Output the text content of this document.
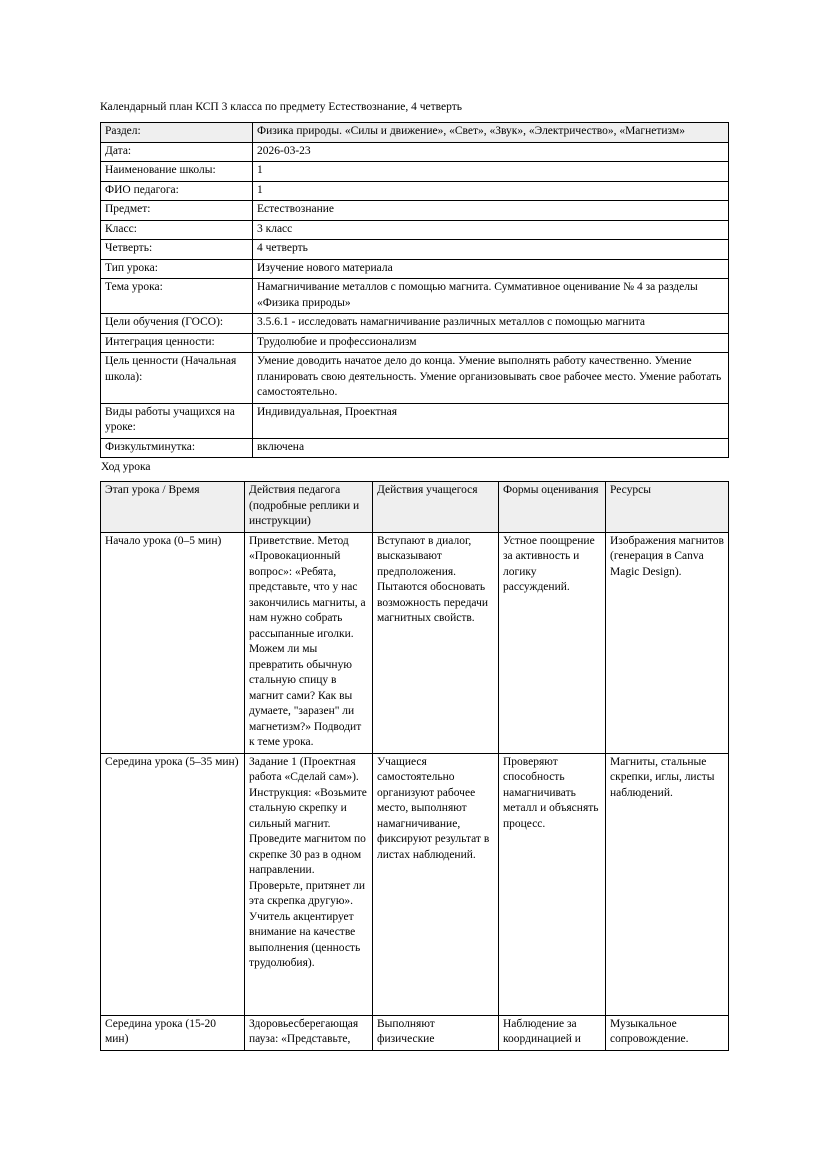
Календарный план КСП 3 класса по предмету Естествознание, 4 четверть
Раздел:	Физика природы. «Силы и движение», «Свет», «Звук», «Электричество», «Магнетизм»
Дата:	2026-03-23
Наименование школы:	1
ФИО педагога:	1
Предмет:	Естествознание
Класс:	3 класс
Четверть:	4 четверть
Тип урока:	Изучение нового материала
Тема урока:	Намагничивание металлов с помощью магнита. Суммативное оценивание № 4 за разделы «Физика природы»
Цели обучения (ГОСО):	3.5.6.1 - исследовать намагничивание различных металлов с помощью магнита
Интеграция ценности:	Трудолюбие и профессионализм
Цель ценности (Начальная школа):	Умение доводить начатое дело до конца. Умение выполнять работу качественно. Умение планировать свою деятельность. Умение организовывать свое рабочее место. Умение работать самостоятельно.
Виды работы учащихся на уроке:	Индивидуальная, Проектная
Физкультминутка:	включена
Ход урока
Этап урока / Время	Действия педагога (подробные реплики и инструкции)	Действия учащегося	Формы оценивания	Ресурсы
Начало урока (0–5 мин)	Приветствие. Метод «Провокационный вопрос»: «Ребята, представьте, что у нас закончились магниты, а нам нужно собрать рассыпанные иголки. Можем ли мы превратить обычную стальную спицу в магнит сами? Как вы думаете, "заразен" ли магнетизм?» Подводит к теме урока.	Вступают в диалог, высказывают предположения. Пытаются обосновать возможность передачи магнитных свойств.	Устное поощрение за активность и логику рассуждений.	Изображения магнитов (генерация в Canva Magic Design).
Середина урока (5–35 мин)	Задание 1 (Проектная работа «Сделай сам»). Инструкция: «Возьмите стальную скрепку и сильный магнит. Проведите магнитом по скрепке 30 раз в одном направлении. Проверьте, притянет ли эта скрепка другую». Учитель акцентирует внимание на качестве выполнения (ценность трудолюбия).	Учащиеся самостоятельно организуют рабочее место, выполняют намагничивание, фиксируют результат в листах наблюдений.	Проверяют способность намагничивать металл и объяснять процесс.	Магниты, стальные скрепки, иглы, листы наблюдений.
Середина урока (15-20 мин)	Здоровьесберегающая пауза: «Представьте,	Выполняют физические	Наблюдение за координацией и	Музыкальное сопровождение.
